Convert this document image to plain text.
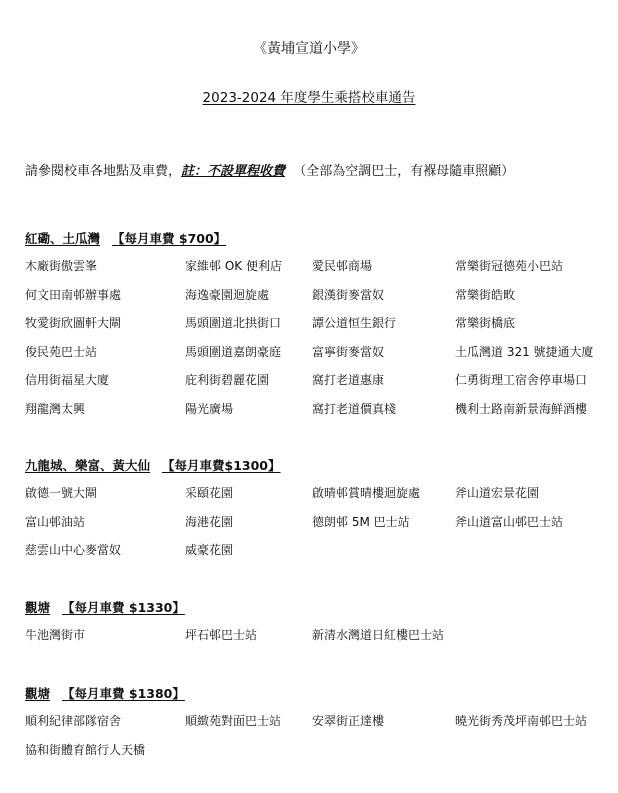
《黃埔宣道小學》
2023-2024 年度學生乘搭校車通告
請參閱校車各地點及車費，註：不設單程收費 （全部為空調巴士，有褓母隨車照顧）
紅磡、土瓜灣 【每月車費 $700】
木廠街傲雲峯	家維邨 OK 便利店	愛民邨商場	常樂街冠德苑小巴站
何文田南邨辦事處	海逸豪園迴旋處	銀漢街麥當奴	常樂街皓畋
牧愛街欣圖軒大閘	馬頭圍道北拱街口	譚公道恒生銀行	常樂街橋底
俊民苑巴士站	馬頭圍道嘉朗豪庭	富寧街麥當奴	土瓜灣道 321 號捷通大廈
信用街福星大廈	庇利街碧麗花園	窩打老道惠康	仁勇街理工宿舍停車場口
翔龍灣太興	陽光廣場	窩打老道價真棧	機利士路南新景海鮮酒樓
九龍城、樂富、黃大仙 【每月車費$1300】
啟德一號大閘	采頤花園	啟晴邨賞晴樓迴旋處	斧山道宏景花園
富山邨油站	海港花園	德朗邨 5M 巴士站	斧山道富山邨巴士站
慈雲山中心麥當奴	威豪花園
觀塘 【每月車費 $1330】
牛池灣街市	坪石邨巴士站	新清水灣道日紅樓巴士站
觀塘 【每月車費 $1380】
順利紀律部隊宿舍	順緻苑對面巴士站	安翠街正達樓	曉光街秀茂坪南邨巴士站
協和街體育館行人天橋
